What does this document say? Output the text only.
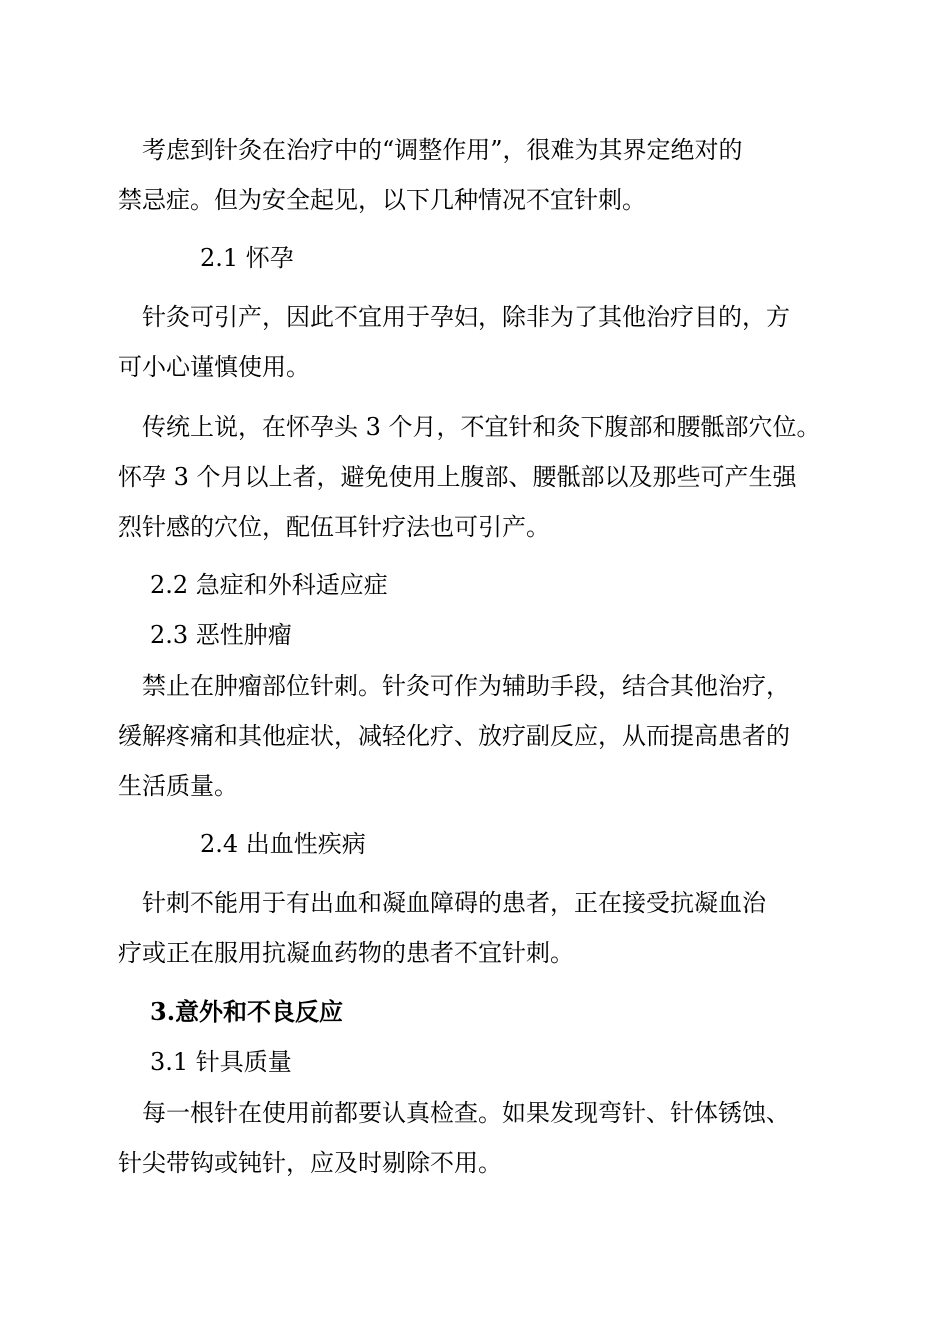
　考虑到针灸在治疗中的“调整作用”，很难为其界定绝对的

禁忌症。但为安全起见，以下几种情况不宜针刺。

2.1 怀孕

　针灸可引产，因此不宜用于孕妇，除非为了其他治疗目的，方

可小心谨慎使用。

　传统上说，在怀孕头 3 个月，不宜针和灸下腹部和腰骶部穴位。

怀孕 3 个月以上者，避免使用上腹部、腰骶部以及那些可产生强

烈针感的穴位，配伍耳针疗法也可引产。

2.2 急症和外科适应症

2.3 恶性肿瘤

　禁止在肿瘤部位针刺。针灸可作为辅助手段，结合其他治疗，

缓解疼痛和其他症状，减轻化疗、放疗副反应，从而提高患者的

生活质量。

2.4 出血性疾病

　针刺不能用于有出血和凝血障碍的患者，正在接受抗凝血治

疗或正在服用抗凝血药物的患者不宜针刺。

3.意外和不良反应

3.1 针具质量

　每一根针在使用前都要认真检查。如果发现弯针、针体锈蚀、

针尖带钩或钝针，应及时剔除不用。
